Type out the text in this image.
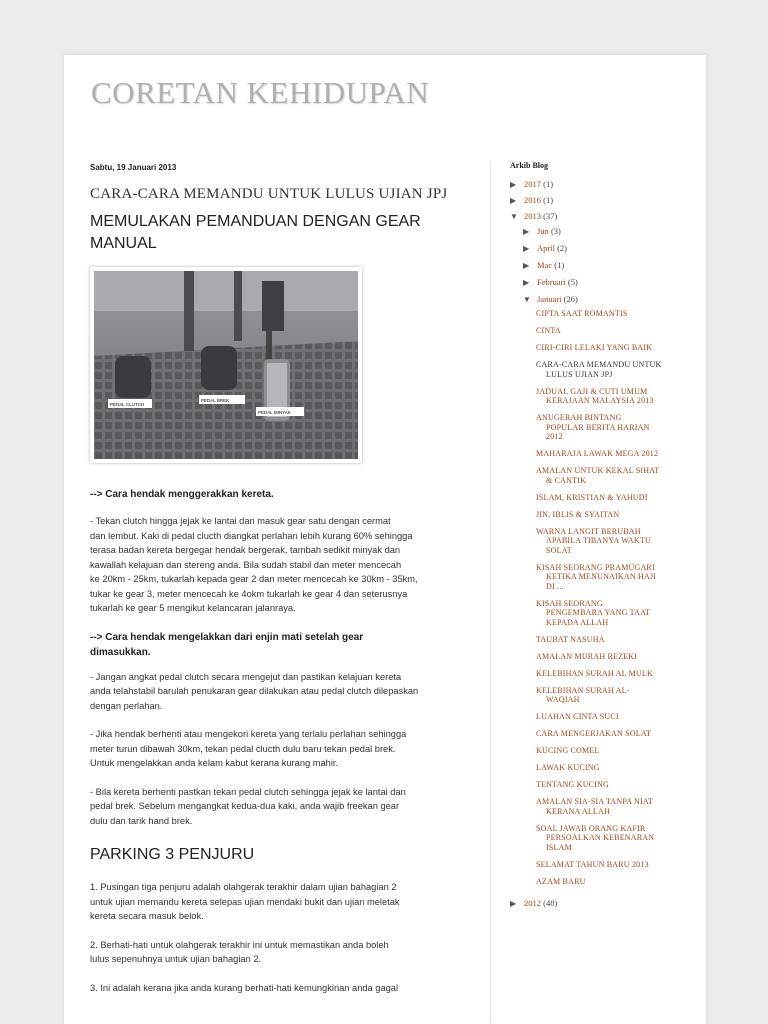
CORETAN KEHIDUPAN

Sabtu, 19 Januari 2013

CARA-CARA MEMANDU UNTUK LULUS UJIAN JPJ
MEMULAKAN PEMANDUAN DENGAN GEAR MANUAL
PEDAL CLUTCH
PEDAL BREK
PEDAL MINYAK

--> Cara hendak menggerakkan kereta.

- Tekan clutch hingga jejak ke lantai dan masuk gear satu dengan cermat

dan lembut. Kaki di pedal clucth diangkat perlahan lebih kurang 60% sehingga

terasa badan kereta bergegar hendak bergerak, tambah sedikit minyak dan

kawallah kelajuan dan stereng anda. Bila sudah stabil dan meter mencecah

ke 20km - 25km, tukarlah kepada gear 2 dan meter mencecah ke 30km - 35km,

tukar ke gear 3, meter mencecah ke 4okm tukarlah ke gear 4 dan seterusnya

tukarlah ke gear 5 mengikut kelancaran jalanraya.

--> Cara hendak mengelakkan dari enjin mati setelah gear

dimasukkan.

- Jangan angkat pedal clutch secara mengejut dan pastikan kelajuan kereta

anda telahstabil barulah penukaran gear dilakukan atau pedal clutch dilepaskan

dengan perlahan.

- Jika hendak berhenti atau mengekori kereta yang terlalu perlahan sehingga

meter turun dibawah 30km, tekan pedal clucth dulu baru tekan pedal brek.

Untuk mengelakkan anda kelam kabut kerana kurang mahir.

- Bila kereta berhenti pastkan tekan pedal clutch sehingga jejak ke lantai dan

pedal brek. Sebelum mengangkat kedua-dua kaki, anda wajib freekan gear

dulu dan tarik hand brek.

PARKING 3 PENJURU

1. Pusingan tiga penjuru adalah olahgerak terakhir dalam ujian bahagian 2

untuk ujian memandu kereta selepas ujian mendaki bukit dan ujian meletak

kereta secara masuk belok.

2. Berhati-hati untuk olahgerak terakhir ini untuk memastikan anda boleh

lulus sepenuhnya untuk ujian bahagian 2.

3. Ini adalah kerana jika anda kurang berhati-hati kemungkinan anda gagal

Arkib Blog

▶ 2017 (1)
▶ 2016 (1)
▼ 2013 (37)
▶ Jun (3)
▶ April (2)
▶ Mac (1)
▶ Februari (5)
▼ Januari (26)
CIPTA SAAT ROMANTIS
CINTA
CIRI-CIRI LELAKI YANG BAIK
CARA-CARA MEMANDU UNTUK
LULUS UJIAN JPJ
JADUAL GAJI & CUTI UMUM
KERAJAAN MALAYSIA 2013
ANUGERAH BINTANG
POPULAR BERITA HARIAN
2012
MAHARAJA LAWAK MEGA 2012
AMALAN UNTUK KEKAL SIHAT
& CANTIK
ISLAM, KRISTIAN & YAHUDI
JIN, IBLIS & SYAITAN
WARNA LANGIT BERUBAH
APABILA TIBANYA WAKTU
SOLAT
KISAH SEORANG PRAMUGARI
KETIKA MENUNAIKAN HAJI
DI ...
KISAH SEORANG
PENGEMBARA YANG TAAT
KEPADA ALLAH
TAUBAT NASUHA
AMALAN MURAH REZEKI
KELEBIHAN SURAH AL MULK
KELEBIHAN SURAH AL-
WAQIAH
LUAHAN CINTA SUCI
CARA MENGERJAKAN SOLAT
KUCING COMEL
LAWAK KUCING
TENTANG KUCING
AMALAN SIA-SIA TANPA NIAT
KERANA ALLAH
SOAL JAWAB ORANG KAFIR
PERSOALKAN KEBENARAN
ISLAM
SELAMAT TAHUN BARU 2013
AZAM BARU
▶ 2012 (48)
